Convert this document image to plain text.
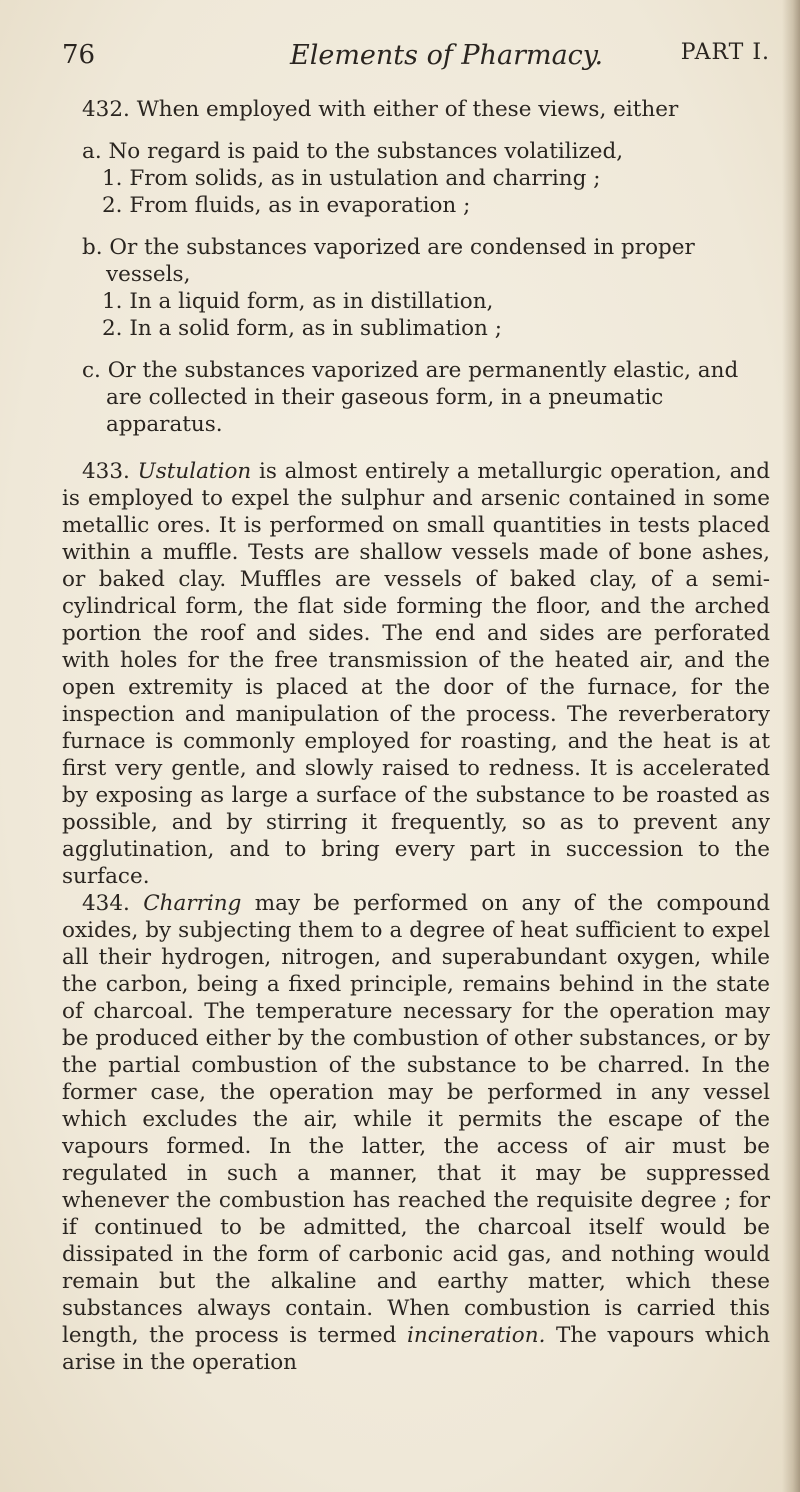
76	Elements of Pharmacy.	PART I.

432. When employed with either of these views, either

a. No regard is paid to the substances volatilized,

1. From solids, as in ustulation and charring ;

2. From fluids, as in evaporation ;

b. Or the substances vaporized are condensed in proper vessels,

1. In a liquid form, as in distillation,

2. In a solid form, as in sublimation ;

c. Or the substances vaporized are permanently elastic, and are collected in their gaseous form, in a pneumatic apparatus.

433. Ustulation is almost entirely a metallurgic operation, and is employed to expel the sulphur and arsenic contained in some metallic ores. It is performed on small quantities in tests placed within a muffle. Tests are shallow vessels made of bone ashes, or baked clay. Muffles are vessels of baked clay, of a semi-cylindrical form, the flat side forming the floor, and the arched portion the roof and sides. The end and sides are perforated with holes for the free transmission of the heated air, and the open extremity is placed at the door of the furnace, for the inspection and manipulation of the process. The reverberatory furnace is commonly employed for roasting, and the heat is at first very gentle, and slowly raised to redness. It is accelerated by exposing as large a surface of the substance to be roasted as possible, and by stirring it frequently, so as to prevent any agglutination, and to bring every part in succession to the surface.

434. Charring may be performed on any of the compound oxides, by subjecting them to a degree of heat sufficient to expel all their hydrogen, nitrogen, and superabundant oxygen, while the carbon, being a fixed principle, remains behind in the state of charcoal. The temperature necessary for the operation may be produced either by the combustion of other substances, or by the partial combustion of the substance to be charred. In the former case, the operation may be performed in any vessel which excludes the air, while it permits the escape of the vapours formed. In the latter, the access of air must be regulated in such a manner, that it may be suppressed whenever the combustion has reached the requisite degree ; for if continued to be admitted, the charcoal itself would be dissipated in the form of carbonic acid gas, and nothing would remain but the alkaline and earthy matter, which these substances always contain. When combustion is carried this length, the process is termed incineration. The vapours which arise in the operation
